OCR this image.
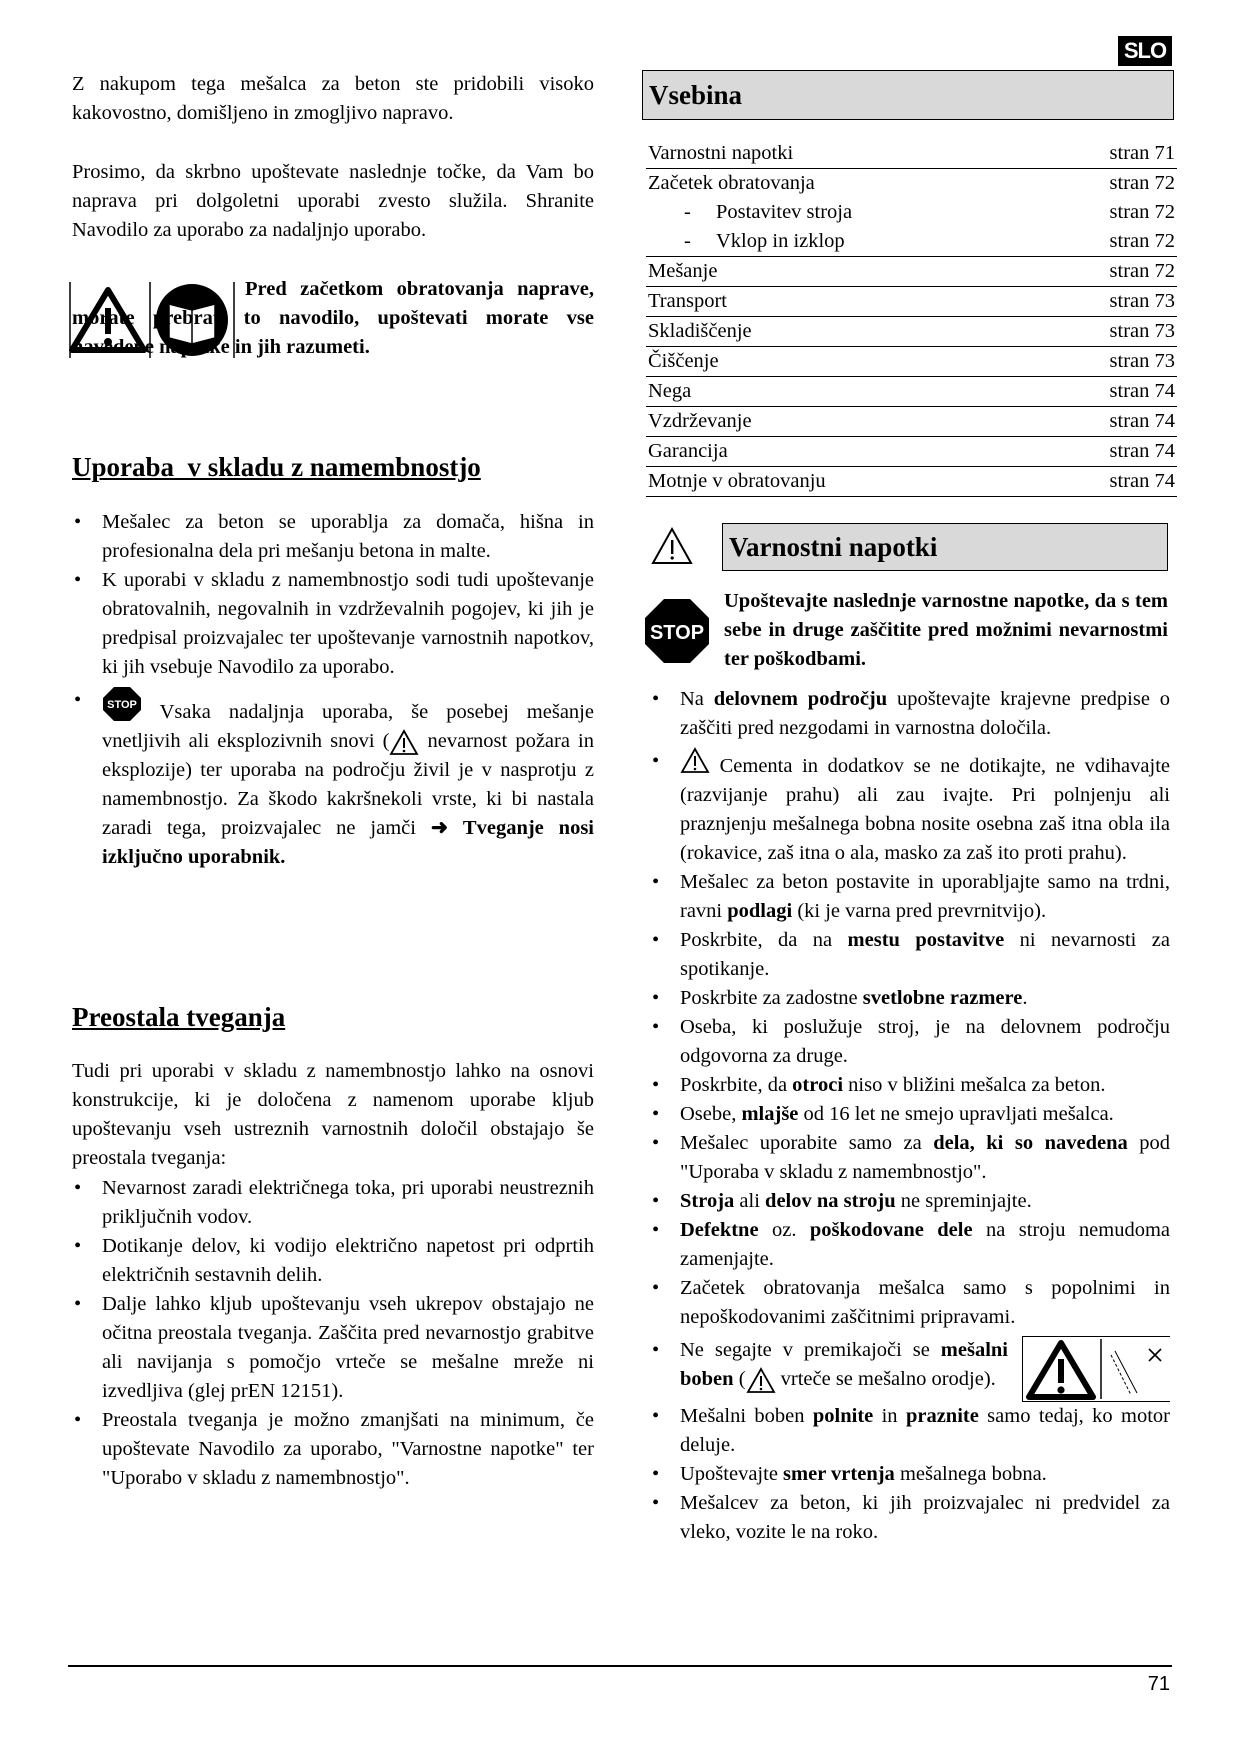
SLO

Z nakupom tega mešalca za beton ste pridobili visoko kakovostno, domišljeno in zmogljivo napravo.

Prosimo, da skrbno upoštevate naslednje točke, da Vam bo naprava pri dolgoletni uporabi zvesto služila. Shranite Navodilo za uporabo za nadaljnjo uporabo.

Pred začetkom obratovanja naprave, morate prebrati to navodilo, upoštevati morate vse navedene napotke in jih razumeti.

Uporaba  v skladu z namembnostjo
• Mešalec za beton se uporablja za domača, hišna in profesionalna dela pri mešanju betona in malte.
• K uporabi v skladu z namembnostjo sodi tudi upoštevanje obratovalnih, negovalnih in vzdrževalnih pogojev, ki jih je predpisal proizvajalec ter upoštevanje varnostnih napotkov, ki jih vsebuje Navodilo za uporabo.
• STOP Vsaka nadaljnja uporaba, še posebej mešanje vnetljivih ali eksplozivnih snovi ( nevarnost požara in eksplozije) ter uporaba na področju živil je v nasprotju z namembnostjo. Za škodo kakršnekoli vrste, ki bi nastala zaradi tega, proizvajalec ne jamči ➜ Tveganje nosi izključno uporabnik.
Preostala tveganja

Tudi pri uporabi v skladu z namembnostjo lahko na osnovi konstrukcije, ki je določena z namenom uporabe kljub upoštevanju vseh ustreznih varnostnih določil obstajajo še preostala tveganja:

• Nevarnost zaradi električnega toka, pri uporabi neustreznih priključnih vodov.
• Dotikanje delov, ki vodijo električno napetost pri odprtih električnih sestavnih delih.
• Dalje lahko kljub upoštevanju vseh ukrepov obstajajo ne očitna preostala tveganja. Zaščita pred nevarnostjo grabitve ali navijanja s pomočjo vrteče se mešalne mreže ni izvedljiva (glej prEN 12151).
• Preostala tveganja je možno zmanjšati na minimum, če upoštevate Navodilo za uporabo, "Varnostne napotke" ter "Uporabo v skladu z namembnostjo".
Vsebina
Varnostni napotki	stran 71
Začetek obratovanja	stran 72
- Postavitev stroja	stran 72
- Vklop in izklop	stran 72
Mešanje	stran 72
Transport	stran 73
Skladiščenje	stran 73
Čiščenje	stran 73
Nega	stran 74
Vzdrževanje	stran 74
Garancija	stran 74
Motnje v obratovanju	stran 74
Varnostni napotki
STOP

Upoštevajte naslednje varnostne napotke, da s tem sebe in druge zaščitite pred možnimi nevarnostmi ter poškodbami.

• Na delovnem področju upoštevajte krajevne predpise o zaščiti pred nezgodami in varnostna določila.
• Cementa in dodatkov se ne dotikajte, ne vdihavajte (razvijanje prahu) ali zau ivajte. Pri polnjenju ali praznjenju mešalnega bobna nosite osebna zaš itna obla ila (rokavice, zaš itna o ala, masko za zaš ito proti prahu).
• Mešalec za beton postavite in uporabljajte samo na trdni, ravni podlagi (ki je varna pred prevrnitvijo).
• Poskrbite, da na mestu postavitve ni nevarnosti za spotikanje.
• Poskrbite za zadostne svetlobne razmere.
• Oseba, ki poslužuje stroj, je na delovnem področju odgovorna za druge.
• Poskrbite, da otroci niso v bližini mešalca za beton.
• Osebe, mlajše od 16 let ne smejo upravljati mešalca.
• Mešalec uporabite samo za dela, ki so navedena pod "Uporaba v skladu z namembnostjo".
• Stroja ali delov na stroju ne spreminjajte.
• Defektne oz. poškodovane dele na stroju nemudoma zamenjajte.
• Začetek obratovanja mešalca samo s popolnimi in nepoškodovanimi zaščitnimi pripravami.
• Ne segajte v premikajoči se mešalni boben ( vrteče se mešalno orodje).
• Mešalni boben polnite in praznite samo tedaj, ko motor deluje.
• Upoštevajte smer vrtenja mešalnega bobna.
• Mešalcev za beton, ki jih proizvajalec ni predvidel za vleko, vozite le na roko.
71
